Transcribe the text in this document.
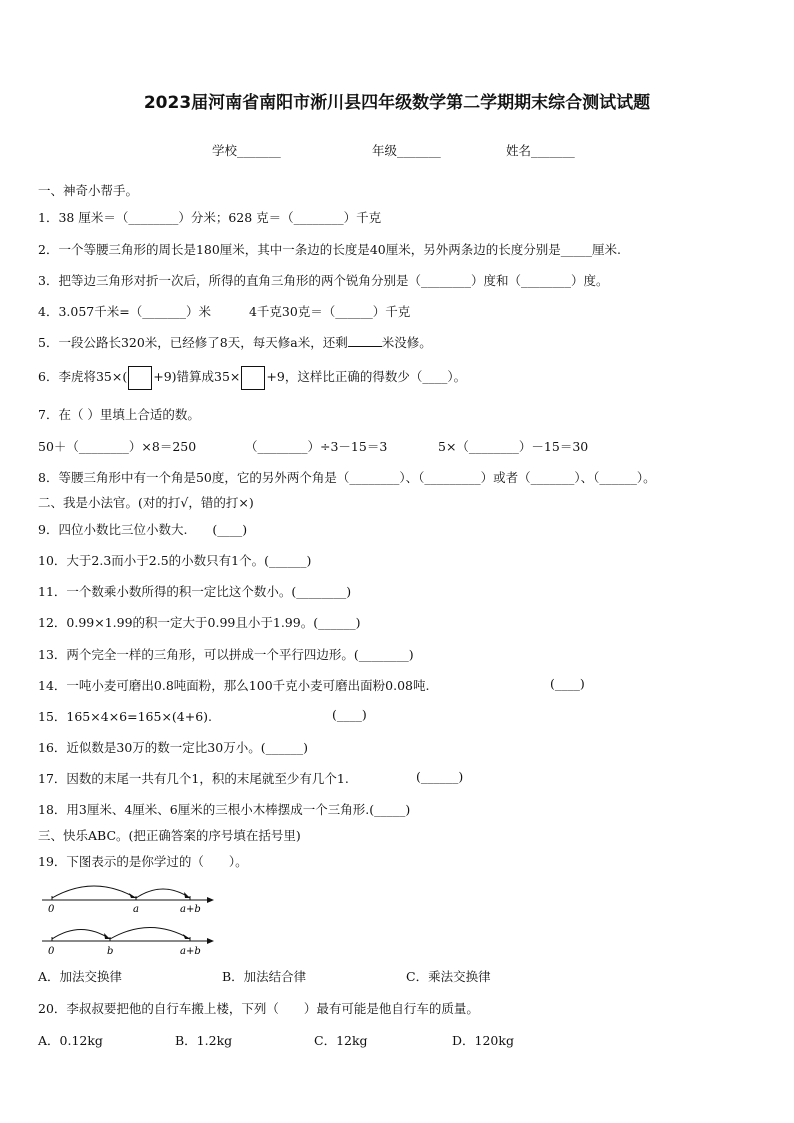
2023届河南省南阳市淅川县四年级数学第二学期期末综合测试试题
学校_______	年级_______	姓名_______
一、神奇小帮手。
1．38 厘米＝（________）分米；628 克＝（________）千克
2．一个等腰三角形的周长是180厘米，其中一条边的长度是40厘米，另外两条边的长度分别是_____厘米.
3．把等边三角形对折一次后，所得的直角三角形的两个锐角分别是（________）度和（________）度。
4．3.057千米=（_______）米	4千克30克＝（______）千克
5．一段公路长320米，已经修了8天，每天修a米，还剩	米没修。
6．李虎将35×( +9)错算成35× +9，这样比正确的得数少（____）。
7．在（ ）里填上合适的数。
50＋（________）×8＝250	（________）÷3－15＝3	5×（________）－15＝30
8．等腰三角形中有一个角是50度，它的另外两个角是（________）、（_________）或者（_______）、（______）。
二、我是小法官。(对的打√，错的打×)
9．四位小数比三位小数大.　　(____)
10．大于2.3而小于2.5的小数只有1个。(______)
11．一个数乘小数所得的积一定比这个数小。(________)
12．0.99×1.99的积一定大于0.99且小于1.99。(______)
13．两个完全一样的三角形，可以拼成一个平行四边形。(________)
14．一吨小麦可磨出0.8吨面粉，那么100千克小麦可磨出面粉0.08吨.	(____)
15．165×4×6=165×(4+6).	(____)
16．近似数是30万的数一定比30万小。(______)
17．因数的末尾一共有几个1，积的末尾就至少有几个1.	(______)
18．用3厘米、4厘米、6厘米的三根小木棒摆成一个三角形.(_____)
三、快乐ABC。(把正确答案的序号填在括号里)
19．下图表示的是你学过的（　　）。
0	a	a+b
0	b	a+b
A．加法交换律	B．加法结合律	C．乘法交换律
20．李叔叔要把他的自行车搬上楼，下列（　　）最有可能是他自行车的质量。
A．0.12kg	B．1.2kg	C．12kg	D．120kg
